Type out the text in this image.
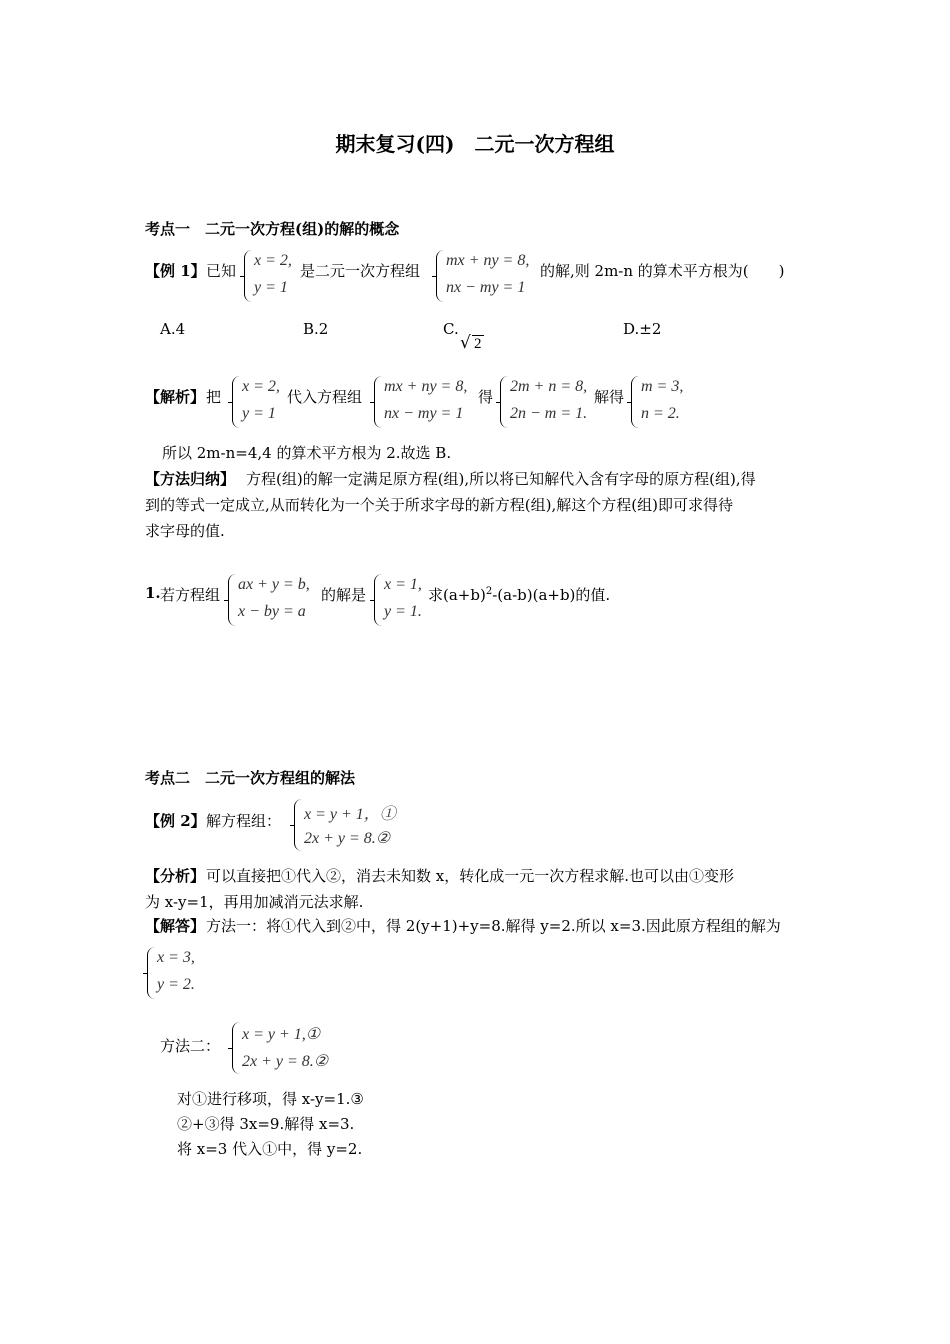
期末复习(四)　二元一次方程组
考点一　二元一次方程(组)的解的概念
【例 1】 已知
x = 2,
y = 1
是二元一次方程组
mx + ny = 8,
nx − my = 1
的解,则 2m-n 的算术平方根为(　　)
A.4	B.2	C.
√ 2
D.±2
【解析】 把
x = 2,
y = 1
代入方程组
mx + ny = 8,
nx − my = 1
得
2m + n = 8,
2n − m = 1.
解得
m = 3,
n = 2.
所以 2m-n=4,4 的算术平方根为 2.故选 B.
【方法归纳】 方程(组)的解一定满足原方程(组),所以将已知解代入含有字母的原方程(组),得
到的等式一定成立,从而转化为一个关于所求字母的新方程(组),解这个方程(组)即可求得待
求字母的值.
1. 若方程组
ax + y = b,
x − by = a
的解是
x = 1,
y = 1.
求$(a+b)^2-(a-b)(a+b)$的值.
考点二　二元一次方程组的解法
【例 2】 解方程组： x = y + 1，①
2x + y = 8.②
【分析】 可以直接把①代入②，消去未知数 x，转化成一元一次方程求解.也可以由①变形
为 x-y=1，再用加减消元法求解.
【解答】 方法一：将①代入到②中，得 2(y+1)+y=8.解得 y=2.所以 x=3.因此原方程组的解为
x = 3,
y = 2.
方法二：
x = y + 1,①
2x + y = 8.②
对①进行移项，得 x-y=1.③
②+③得 3x=9.解得 x=3.
将 x=3 代入①中，得 y=2.
